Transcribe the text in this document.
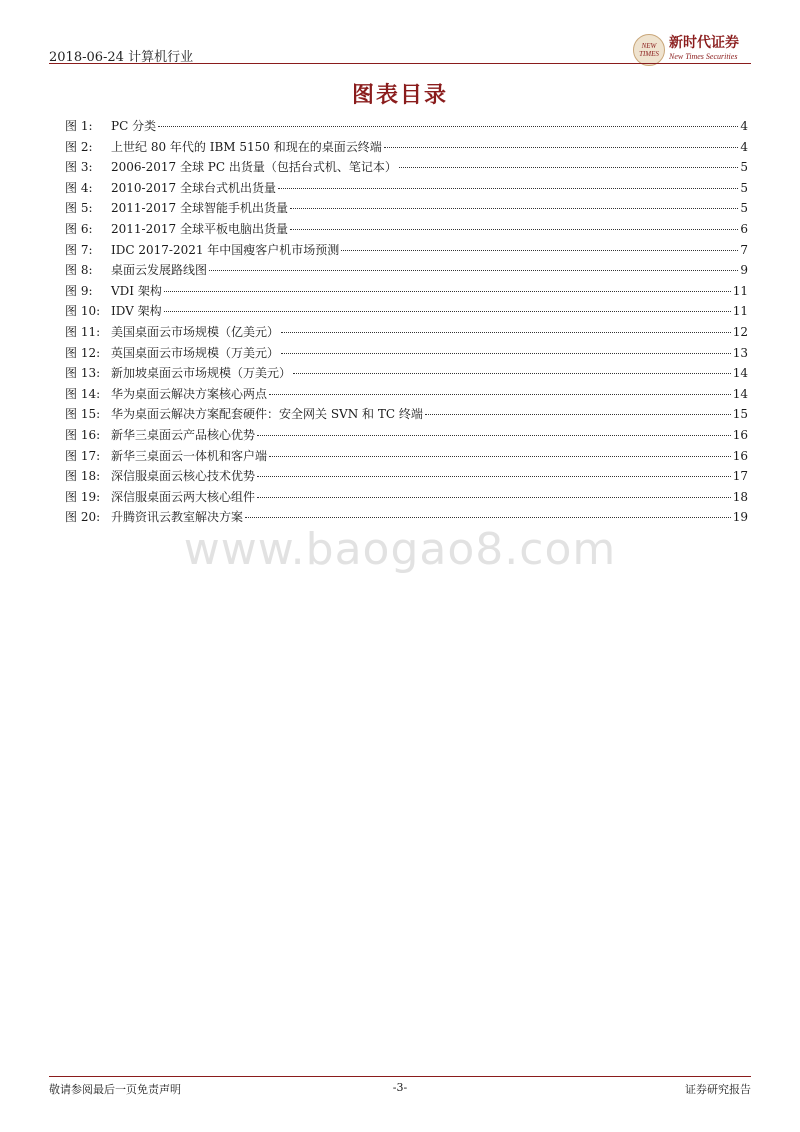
2018-06-24 计算机行业
NEW
TIMES
新时代证券
New Times Securities
图表目录
图 1:	PC 分类	4
图 2:	上世纪 80 年代的 IBM 5150 和现在的桌面云终端	4
图 3:	2006-2017 全球 PC 出货量（包括台式机、笔记本）	5
图 4:	2010-2017 全球台式机出货量	5
图 5:	2011-2017 全球智能手机出货量	5
图 6:	2011-2017 全球平板电脑出货量	6
图 7:	IDC 2017-2021 年中国瘦客户机市场预测	7
图 8:	桌面云发展路线图	9
图 9:	VDI 架构	11
图 10: IDV 架构	11
图 11: 美国桌面云市场规模（亿美元）	12
图 12: 英国桌面云市场规模（万美元）	13
图 13: 新加坡桌面云市场规模（万美元）	14
图 14: 华为桌面云解决方案核心两点	14
图 15: 华为桌面云解决方案配套硬件：安全网关 SVN 和 TC 终端	15
图 16: 新华三桌面云产品核心优势	16
图 17: 新华三桌面云一体机和客户端	16
图 18: 深信服桌面云核心技术优势	17
图 19: 深信服桌面云两大核心组件	18
图 20: 升腾资讯云教室解决方案	19
www.baogao8.com
敬请参阅最后一页免责声明	-3-	证券研究报告
